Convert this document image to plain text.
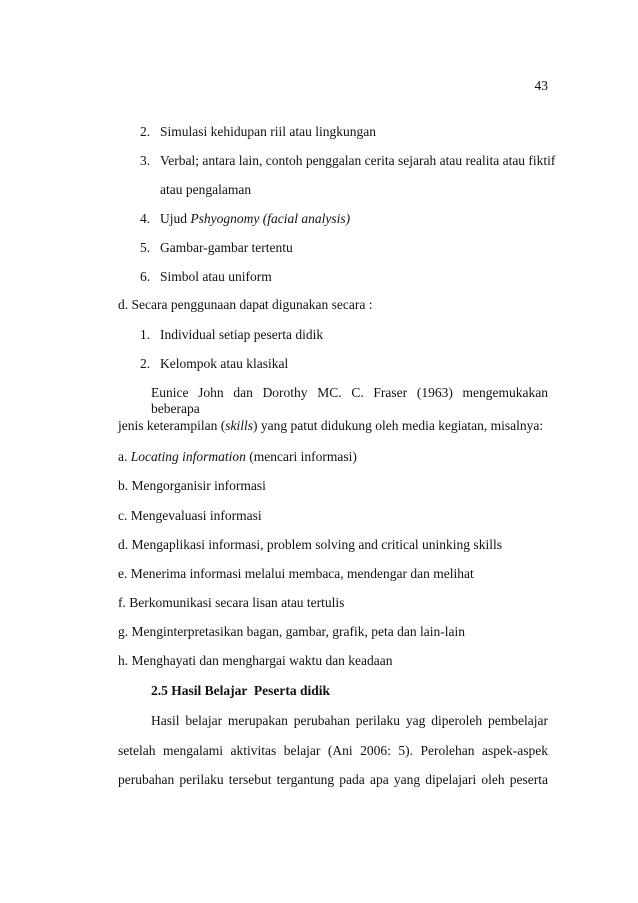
43
2. Simulasi kehidupan riil atau lingkungan
3. Verbal; antara lain, contoh penggalan cerita sejarah atau realita atau fiktif
atau pengalaman
4. Ujud Pshyognomy (facial analysis)
5. Gambar-gambar tertentu
6. Simbol atau uniform
d. Secara penggunaan dapat digunakan secara :
1. Individual setiap peserta didik
2. Kelompok atau klasikal
Eunice John dan Dorothy MC. C. Fraser (1963) mengemukakan beberapa
jenis keterampilan (skills) yang patut didukung oleh media kegiatan, misalnya:
a. Locating information (mencari informasi)
b. Mengorganisir informasi
c. Mengevaluasi informasi
d. Mengaplikasi informasi, problem solving and critical uninking skills
e. Menerima informasi melalui membaca, mendengar dan melihat
f. Berkomunikasi secara lisan atau tertulis
g. Menginterpretasikan bagan, gambar, grafik, peta dan lain-lain
h. Menghayati dan menghargai waktu dan keadaan
2.5 Hasil Belajar  Peserta didik
Hasil belajar merupakan perubahan perilaku yag diperoleh pembelajar
setelah mengalami aktivitas belajar (Ani 2006: 5). Perolehan aspek-aspek
perubahan perilaku tersebut tergantung pada apa yang dipelajari oleh peserta
